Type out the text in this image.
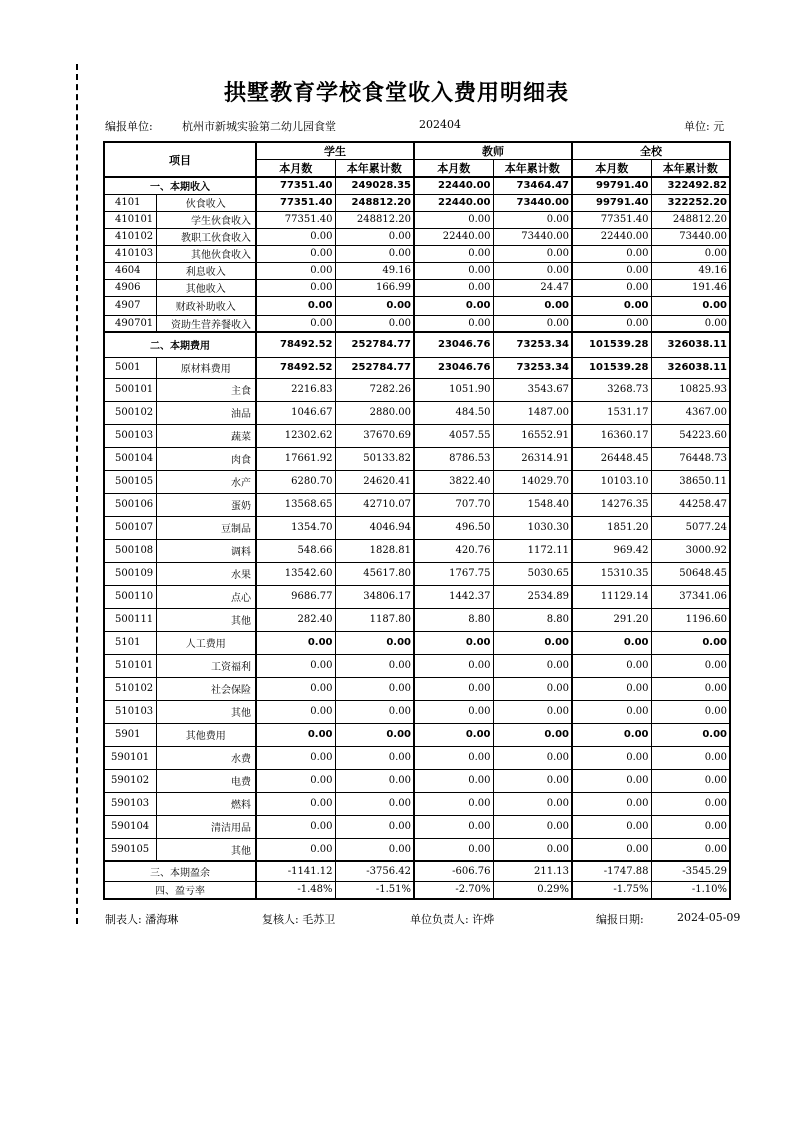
拱墅教育学校食堂收入费用明细表
编报单位:	杭州市新城实验第二幼儿园食堂	202404	单位: 元
项目		学生		教师		全校	
		本月数	本年累计数	本月数	本年累计数	本月数	本年累计数
一、本期收入		77351.40	249028.35	22440.00	73464.47	99791.40	322492.82
4101	伙食收入	77351.40	248812.20	22440.00	73440.00	99791.40	322252.20
410101	学生伙食收入	77351.40	248812.20	0.00	0.00	77351.40	248812.20
410102	教职工伙食收入	0.00	0.00	22440.00	73440.00	22440.00	73440.00
410103	其他伙食收入	0.00	0.00	0.00	0.00	0.00	0.00
4604	利息收入	0.00	49.16	0.00	0.00	0.00	49.16
4906	其他收入	0.00	166.99	0.00	24.47	0.00	191.46
4907	财政补助收入	0.00	0.00	0.00	0.00	0.00	0.00
490701	资助生营养餐收入	0.00	0.00	0.00	0.00	0.00	0.00
二、本期费用		78492.52	252784.77	23046.76	73253.34	101539.28	326038.11
5001	原材料费用	78492.52	252784.77	23046.76	73253.34	101539.28	326038.11
500101	主食	2216.83	7282.26	1051.90	3543.67	3268.73	10825.93
500102	油品	1046.67	2880.00	484.50	1487.00	1531.17	4367.00
500103	蔬菜	12302.62	37670.69	4057.55	16552.91	16360.17	54223.60
500104	肉食	17661.92	50133.82	8786.53	26314.91	26448.45	76448.73
500105	水产	6280.70	24620.41	3822.40	14029.70	10103.10	38650.11
500106	蛋奶	13568.65	42710.07	707.70	1548.40	14276.35	44258.47
500107	豆制品	1354.70	4046.94	496.50	1030.30	1851.20	5077.24
500108	调料	548.66	1828.81	420.76	1172.11	969.42	3000.92
500109	水果	13542.60	45617.80	1767.75	5030.65	15310.35	50648.45
500110	点心	9686.77	34806.17	1442.37	2534.89	11129.14	37341.06
500111	其他	282.40	1187.80	8.80	8.80	291.20	1196.60
5101	人工费用	0.00	0.00	0.00	0.00	0.00	0.00
510101	工资福利	0.00	0.00	0.00	0.00	0.00	0.00
510102	社会保险	0.00	0.00	0.00	0.00	0.00	0.00
510103	其他	0.00	0.00	0.00	0.00	0.00	0.00
5901	其他费用	0.00	0.00	0.00	0.00	0.00	0.00
590101	水费	0.00	0.00	0.00	0.00	0.00	0.00
590102	电费	0.00	0.00	0.00	0.00	0.00	0.00
590103	燃料	0.00	0.00	0.00	0.00	0.00	0.00
590104	清洁用品	0.00	0.00	0.00	0.00	0.00	0.00
590105	其他	0.00	0.00	0.00	0.00	0.00	0.00
三、本期盈余		-1141.12	-3756.42	-606.76	211.13	-1747.88	-3545.29
四、盈亏率		-1.48%	-1.51%	-2.70%	0.29%	-1.75%	-1.10%
制表人: 潘海琳	复核人: 毛苏卫	单位负责人: 许烨	编报日期:	2024-05-09
